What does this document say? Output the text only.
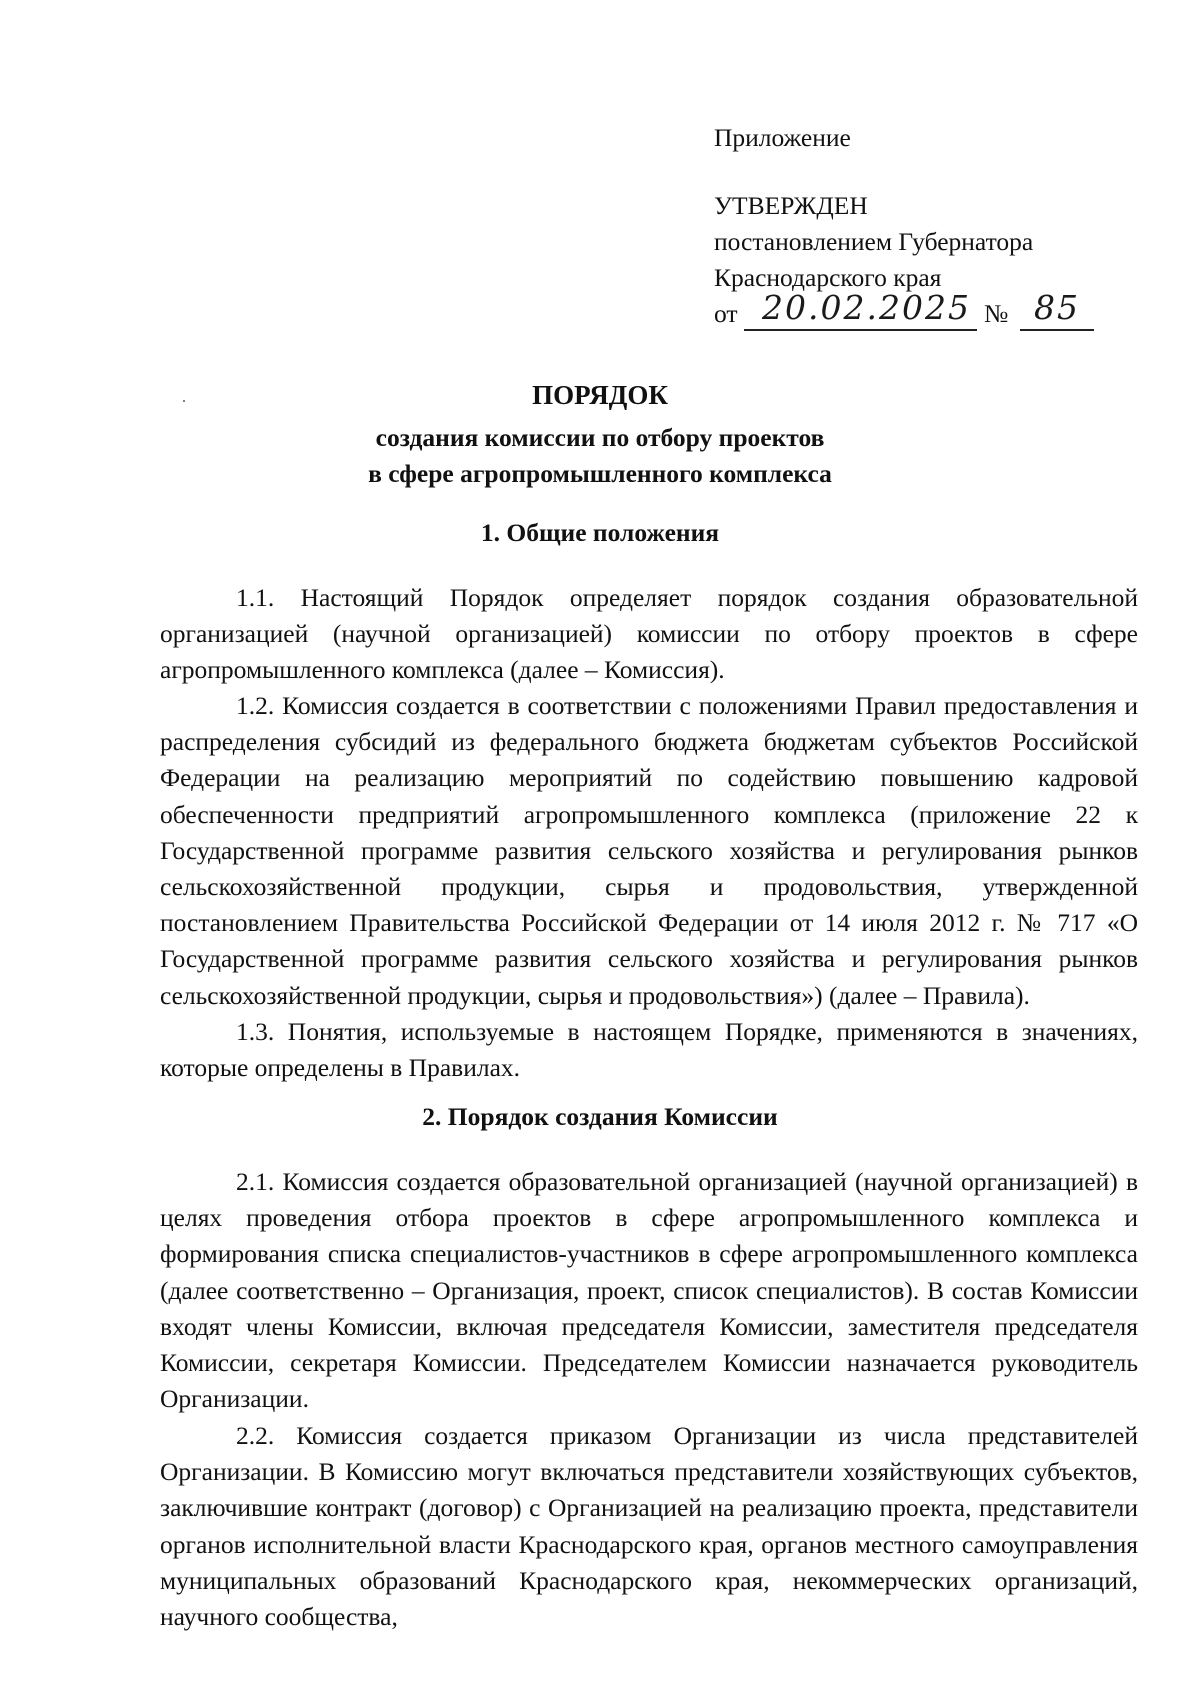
Приложение
УТВЕРЖДЕН
постановлением Губернатора
Краснодарского края
от 20.02.2025 № 85
ПОРЯДОК
создания комиссии по отбору проектов
в сфере агропромышленного комплекса
1. Общие положения
1.1. Настоящий Порядок определяет порядок создания образовательной организацией (научной организацией) комиссии по отбору проектов в сфере агропромышленного комплекса (далее – Комиссия).
1.2. Комиссия создается в соответствии с положениями Правил предоставления и распределения субсидий из федерального бюджета бюджетам субъектов Российской Федерации на реализацию мероприятий по содействию повышению кадровой обеспеченности предприятий агропромышленного комплекса (приложение 22 к Государственной программе развития сельского хозяйства и регулирования рынков сельскохозяйственной продукции, сырья и продовольствия, утвержденной постановлением Правительства Российской Федерации от 14 июля 2012 г. № 717 «О Государственной программе развития сельского хозяйства и регулирования рынков сельскохозяйственной продукции, сырья и продовольствия») (далее – Правила).
1.3. Понятия, используемые в настоящем Порядке, применяются в значениях, которые определены в Правилах.
2. Порядок создания Комиссии
2.1. Комиссия создается образовательной организацией (научной организацией) в целях проведения отбора проектов в сфере агропромышленного комплекса и формирования списка специалистов-участников в сфере агропромышленного комплекса (далее соответственно – Организация, проект, список специалистов). В состав Комиссии входят члены Комиссии, включая председателя Комиссии, заместителя председателя Комиссии, секретаря Комиссии. Председателем Комиссии назначается руководитель Организации.
2.2. Комиссия создается приказом Организации из числа представителей Организации. В Комиссию могут включаться представители хозяйствующих субъектов, заключившие контракт (договор) с Организацией на реализацию проекта, представители органов исполнительной власти Краснодарского края, органов местного самоуправления муниципальных образований Краснодарского края, некоммерческих организаций, научного сообщества,
